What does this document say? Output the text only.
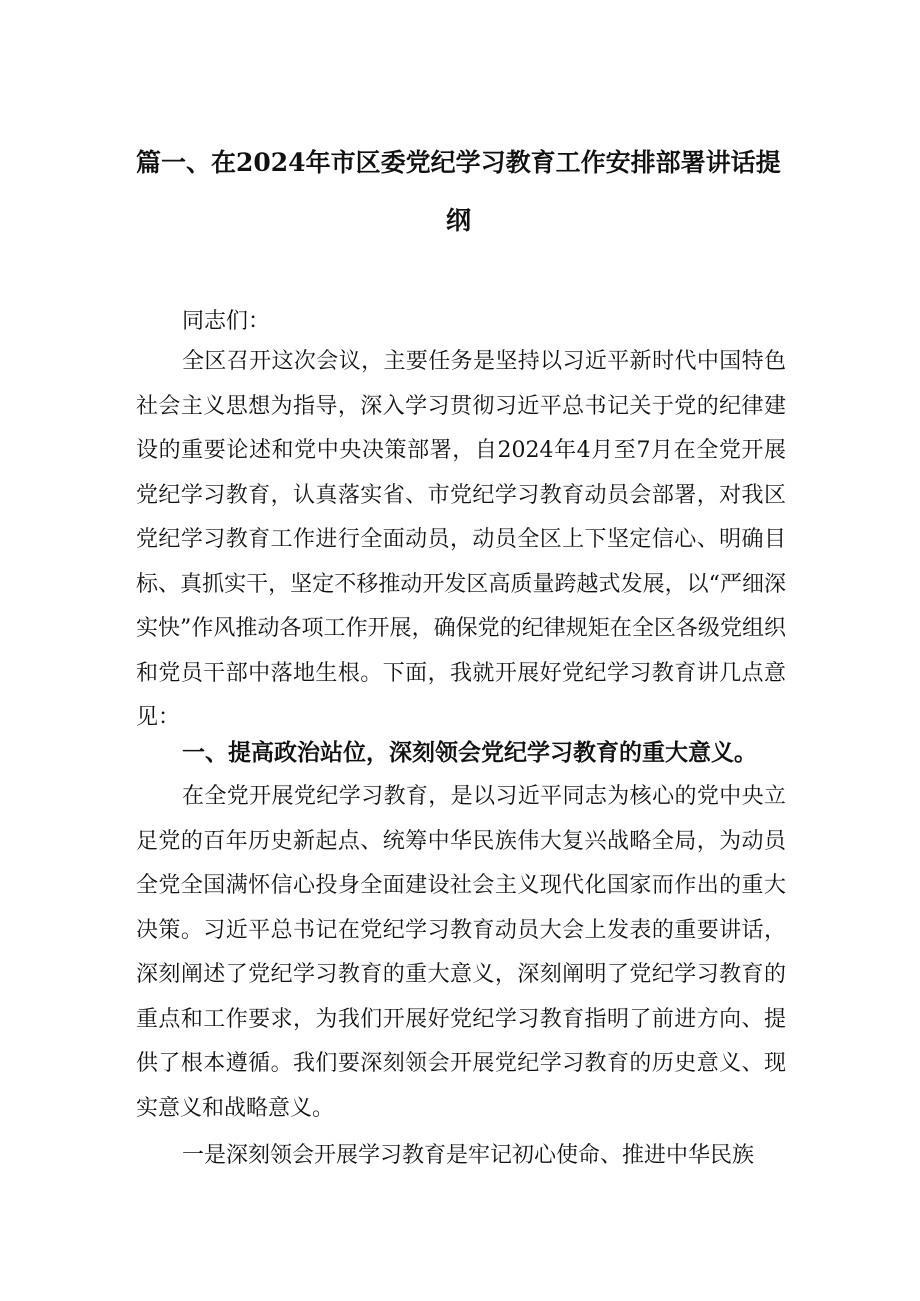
篇一、在2024年市区委党纪学习教育工作安排部署讲话提
纲
同志们：

全区召开这次会议，主要任务是坚持以习近平新时代中国特色社会主义思想为指导，深入学习贯彻习近平总书记关于党的纪律建设的重要论述和党中央决策部署，自2024年4月至7月在全党开展党纪学习教育，认真落实省、市党纪学习教育动员会部署，对我区党纪学习教育工作进行全面动员，动员全区上下坚定信心、明确目标、真抓实干，坚定不移推动开发区高质量跨越式发展，以“严细深实快”作风推动各项工作开展，确保党的纪律规矩在全区各级党组织和党员干部中落地生根。下面，我就开展好党纪学习教育讲几点意见：

一、提高政治站位，深刻领会党纪学习教育的重大意义。

在全党开展党纪学习教育，是以习近平同志为核心的党中央立足党的百年历史新起点、统筹中华民族伟大复兴战略全局，为动员全党全国满怀信心投身全面建设社会主义现代化国家而作出的重大决策。习近平总书记在党纪学习教育动员大会上发表的重要讲话，深刻阐述了党纪学习教育的重大意义，深刻阐明了党纪学习教育的重点和工作要求，为我们开展好党纪学习教育指明了前进方向、提供了根本遵循。我们要深刻领会开展党纪学习教育的历史意义、现实意义和战略意义。

一是深刻领会开展学习教育是牢记初心使命、推进中华民族
